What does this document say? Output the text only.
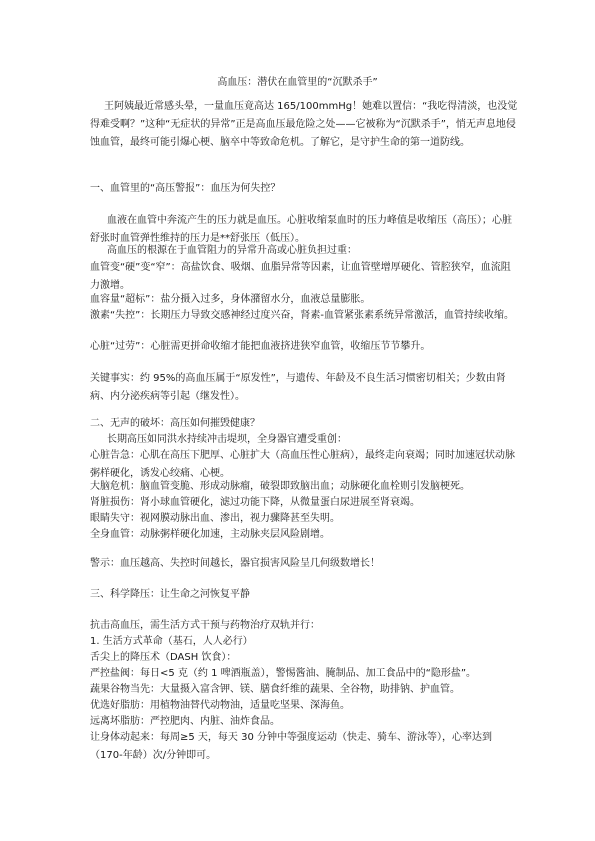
高血压：潜伏在血管里的“沉默杀手”

王阿姨最近常感头晕，一量血压竟高达 165/100mmHg！她难以置信：“我吃得清淡，也没觉得难受啊？”这种“无症状的异常”正是高血压最危险之处——它被称为“沉默杀手”，悄无声息地侵蚀血管，最终可能引爆心梗、脑卒中等致命危机。了解它，是守护生命的第一道防线。

一、血管里的“高压警报”：血压为何失控？

血液在血管中奔流产生的压力就是血压。心脏收缩泵血时的压力峰值是收缩压（高压）；心脏舒张时血管弹性维持的压力是**舒张压（低压）。

高血压的根源在于血管阻力的异常升高或心脏负担过重：

血管变“硬”变“窄”：高盐饮食、吸烟、血脂异常等因素，让血管壁增厚硬化、管腔狭窄，血流阻力激增。

血容量“超标”：盐分摄入过多，身体潴留水分，血液总量膨胀。

激素“失控”：长期压力导致交感神经过度兴奋，肾素-血管紧张素系统异常激活，血管持续收缩。

心脏“过劳”：心脏需更拼命收缩才能把血液挤进狭窄血管，收缩压节节攀升。

关键事实：约 95%的高血压属于“原发性”，与遗传、年龄及不良生活习惯密切相关；少数由肾病、内分泌疾病等引起（继发性）。

二、无声的破坏：高压如何摧毁健康？

长期高压如同洪水持续冲击堤坝，全身器官遭受重创：

心脏告急：心肌在高压下肥厚、心脏扩大（高血压性心脏病），最终走向衰竭；同时加速冠状动脉粥样硬化，诱发心绞痛、心梗。

大脑危机：脑血管变脆、形成动脉瘤，破裂即致脑出血；动脉硬化血栓则引发脑梗死。

肾脏损伤：肾小球血管硬化，滤过功能下降，从微量蛋白尿进展至肾衰竭。

眼睛失守：视网膜动脉出血、渗出，视力骤降甚至失明。

全身血管：动脉粥样硬化加速，主动脉夹层风险剧增。

警示：血压越高、失控时间越长，器官损害风险呈几何级数增长！

三、科学降压：让生命之河恢复平静

抗击高血压，需生活方式干预与药物治疗双轨并行：

1. 生活方式革命（基石，人人必行）

舌尖上的降压术（DASH 饮食）：

严控盐阀：每日<5 克（约 1 啤酒瓶盖），警惕酱油、腌制品、加工食品中的“隐形盐”。

蔬果谷物当先：大量摄入富含钾、镁、膳食纤维的蔬果、全谷物，助排钠、护血管。

优选好脂肪：用植物油替代动物油，适量吃坚果、深海鱼。

远离坏脂肪：严控肥肉、内脏、油炸食品。

让身体动起来：每周≥5 天，每天 30 分钟中等强度运动（快走、骑车、游泳等），心率达到（170-年龄）次/分钟即可。
